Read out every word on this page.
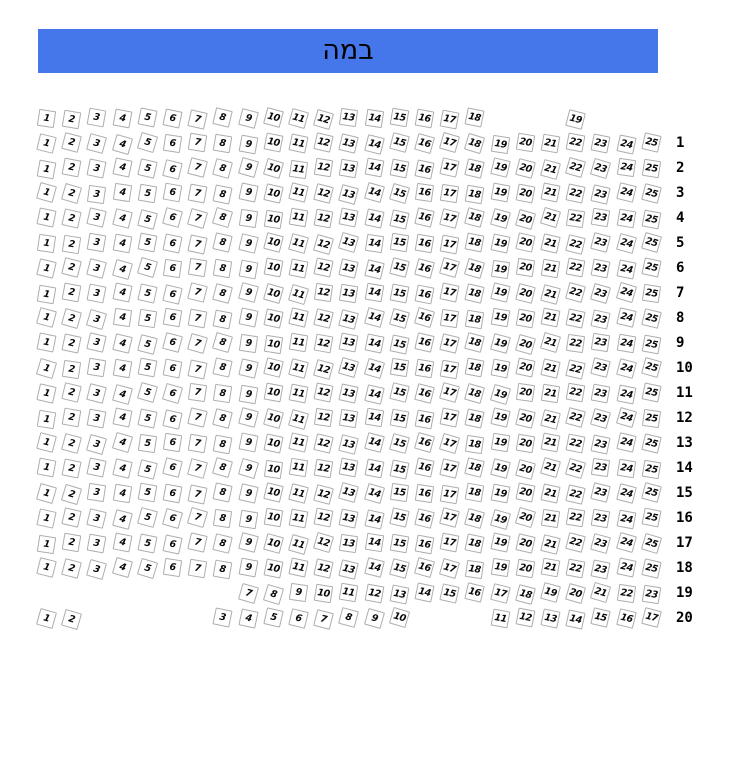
במה
1 2 3 4 5 6 7 8 9 10 11 12 13 14 15 16 17 18	19
1 2 3 4 5 6 7 8 9 10 11 12 13 14 15 16 17 18 19 20 21 22 23 24 25 1
1 2 3 4 5 6 7 8 9 10 11 12 13 14 15 16 17 18 19 20 21 22 23 24 25 2
1 2 3 4 5 6 7 8 9 10 11 12 13 14 15 16 17 18 19 20 21 22 23 24 25 3
1 2 3 4 5 6 7 8 9 10 11 12 13 14 15 16 17 18 19 20 21 22 23 24 25 4
1 2 3 4 5 6 7 8 9 10 11 12 13 14 15 16 17 18 19 20 21 22 23 24 25 5
1 2 3 4 5 6 7 8 9 10 11 12 13 14 15 16 17 18 19 20 21 22 23 24 25 6
1 2 3 4 5 6 7 8 9 10 11 12 13 14 15 16 17 18 19 20 21 22 23 24 25 7
1 2 3 4 5 6 7 8 9 10 11 12 13 14 15 16 17 18 19 20 21 22 23 24 25 8
1 2 3 4 5 6 7 8 9 10 11 12 13 14 15 16 17 18 19 20 21 22 23 24 25 9
1 2 3 4 5 6 7 8 9 10 11 12 13 14 15 16 17 18 19 20 21 22 23 24 25 10
1 2 3 4 5 6 7 8 9 10 11 12 13 14 15 16 17 18 19 20 21 22 23 24 25 11
1 2 3 4 5 6 7 8 9 10 11 12 13 14 15 16 17 18 19 20 21 22 23 24 25 12
1 2 3 4 5 6 7 8 9 10 11 12 13 14 15 16 17 18 19 20 21 22 23 24 25 13
1 2 3 4 5 6 7 8 9 10 11 12 13 14 15 16 17 18 19 20 21 22 23 24 25 14
1 2 3 4 5 6 7 8 9 10 11 12 13 14 15 16 17 18 19 20 21 22 23 24 25 15
1 2 3 4 5 6 7 8 9 10 11 12 13 14 15 16 17 18 19 20 21 22 23 24 25 16
1 2 3 4 5 6 7 8 9 10 11 12 13 14 15 16 17 18 19 20 21 22 23 24 25 17
1 2 3 4 5 6 7 8 9 10 11 12 13 14 15 16 17 18 19 20 21 22 23 24 25 18
7 8 9 10 11 12 13 14 15 16 17 18 19 20 21 22 23 19
1 2	3 4 5 6 7 8 9 10	11 12 13 14 15 16 17 20
